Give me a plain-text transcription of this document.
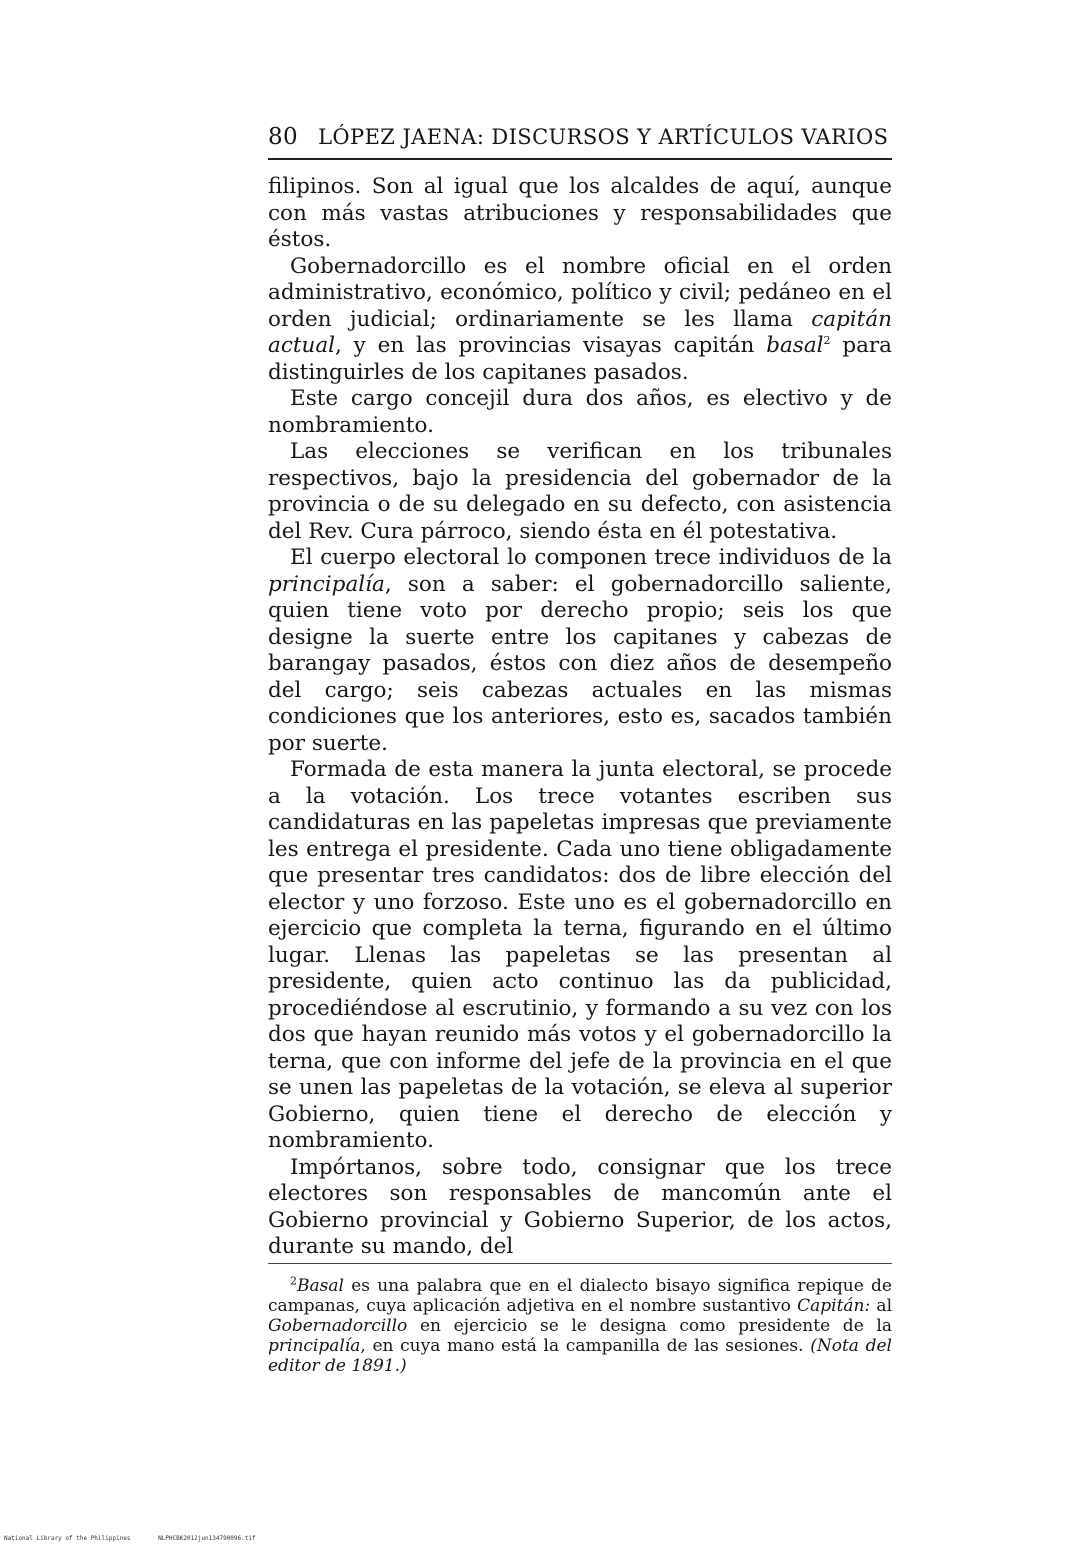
80 LÓPEZ JAENA: DISCURSOS Y ARTÍCULOS VARIOS

filipinos. Son al igual que los alcaldes de aquí, aunque con más vastas atribuciones y responsabilidades que éstos.

Gobernadorcillo es el nombre oficial en el orden administrativo, económico, político y civil; pedáneo en el orden judicial; ordinariamente se les llama capitán actual, y en las provincias visayas capitán basal$^2$ para distinguirles de los capitanes pasados.

Este cargo concejil dura dos años, es electivo y de nombramiento.

Las elecciones se verifican en los tribunales respectivos, bajo la presidencia del gobernador de la provincia o de su delegado en su defecto, con asistencia del Rev. Cura párroco, siendo ésta en él potestativa.

El cuerpo electoral lo componen trece individuos de la principalía, son a saber: el gobernadorcillo saliente, quien tiene voto por derecho propio; seis los que designe la suerte entre los capitanes y cabezas de barangay pasados, éstos con diez años de desempeño del cargo; seis cabezas actuales en las mismas condiciones que los anteriores, esto es, sacados también por suerte.

Formada de esta manera la junta electoral, se procede a la votación. Los trece votantes escriben sus candidaturas en las papeletas impresas que previamente les entrega el presidente. Cada uno tiene obligadamente que presentar tres candidatos: dos de libre elección del elector y uno forzoso. Este uno es el gobernadorcillo en ejercicio que completa la terna, figurando en el último lugar. Llenas las papeletas se las presentan al presidente, quien acto continuo las da publicidad, procediéndose al escrutinio, y formando a su vez con los dos que hayan reunido más votos y el gobernadorcillo la terna, que con informe del jefe de la provincia en el que se unen las papeletas de la votación, se eleva al superior Gobierno, quien tiene el derecho de elección y nombramiento.

Impórtanos, sobre todo, consignar que los trece electores son responsables de mancomún ante el Gobierno provincial y Gobierno Superior, de los actos, durante su mando, del

$^2$Basal es una palabra que en el dialecto bisayo significa repique de campanas, cuya aplicación adjetiva en el nombre sustantivo Capitán: al Gobernadorcillo en ejercicio se le designa como presidente de la principalía, en cuya mano está la campanilla de las sesiones. (Nota del editor de 1891.)

National Library of the Philippines	NLPHCBK2012jun134790096.tif
